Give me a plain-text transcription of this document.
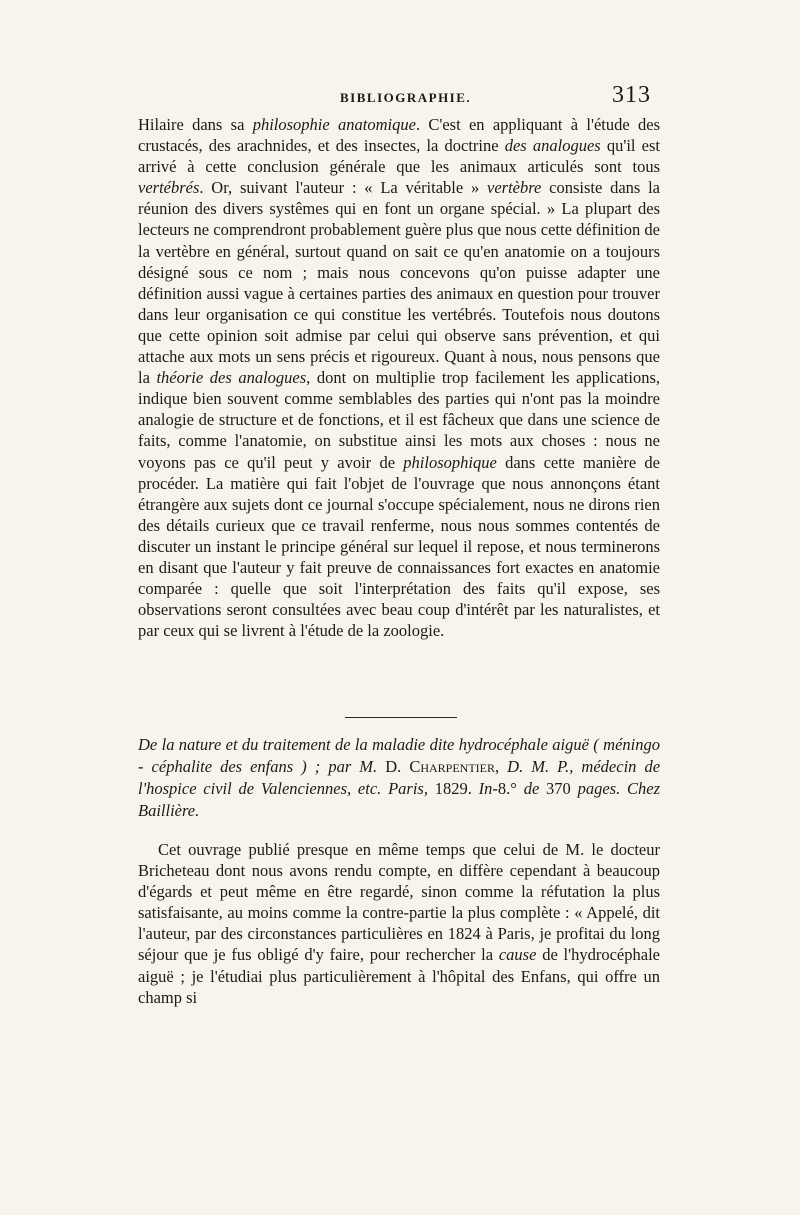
BIBLIOGRAPHIE.	313

Hilaire dans sa philosophie anatomique. C'est en appliquant à l'étude des crustacés, des arachnides, et des insectes, la doctrine des analogues qu'il est arrivé à cette conclusion générale que les animaux articulés sont tous vertébrés. Or, suivant l'auteur : « La véritable » vertèbre consiste dans la réunion des divers systêmes qui en font un organe spécial. » La plupart des lecteurs ne comprendront probablement guère plus que nous cette définition de la vertèbre en général, surtout quand on sait ce qu'en anatomie on a toujours désigné sous ce nom ; mais nous concevons qu'on puisse adapter une définition aussi vague à certaines parties des animaux en question pour trouver dans leur organisation ce qui constitue les vertébrés. Toutefois nous doutons que cette opinion soit admise par celui qui observe sans prévention, et qui attache aux mots un sens précis et rigoureux. Quant à nous, nous pensons que la théorie des analogues, dont on multiplie trop facilement les applications, indique bien souvent comme semblables des parties qui n'ont pas la moindre analogie de structure et de fonctions, et il est fâcheux que dans une science de faits, comme l'anatomie, on substitue ainsi les mots aux choses : nous ne voyons pas ce qu'il peut y avoir de philosophique dans cette manière de procéder. La matière qui fait l'objet de l'ouvrage que nous annonçons étant étrangère aux sujets dont ce journal s'occupe spécialement, nous ne dirons rien des détails curieux que ce travail renferme, nous nous sommes contentés de discuter un instant le principe général sur lequel il repose, et nous terminerons en disant que l'auteur y fait preuve de connaissances fort exactes en anatomie comparée : quelle que soit l'interprétation des faits qu'il expose, ses observations seront consultées avec beau coup d'intérêt par les naturalistes, et par ceux qui se livrent à l'étude de la zoologie.

De la nature et du traitement de la maladie dite hydrocéphale aiguë ( méningo - céphalite des enfans ) ; par M. D. Charpentier, D. M. P., médecin de l'hospice civil de Valenciennes, etc. Paris, 1829. In-8.° de 370 pages. Chez Baillière.

Cet ouvrage publié presque en même temps que celui de M. le docteur Bricheteau dont nous avons rendu compte, en diffère cependant à beaucoup d'égards et peut même en être regardé, sinon comme la réfutation la plus satisfaisante, au moins comme la contre-partie la plus complète : « Appelé, dit l'auteur, par des circonstances particulières en 1824 à Paris, je profitai du long séjour que je fus obligé d'y faire, pour rechercher la cause de l'hydrocéphale aiguë ; je l'étudiai plus particulièrement à l'hôpital des Enfans, qui offre un champ si
